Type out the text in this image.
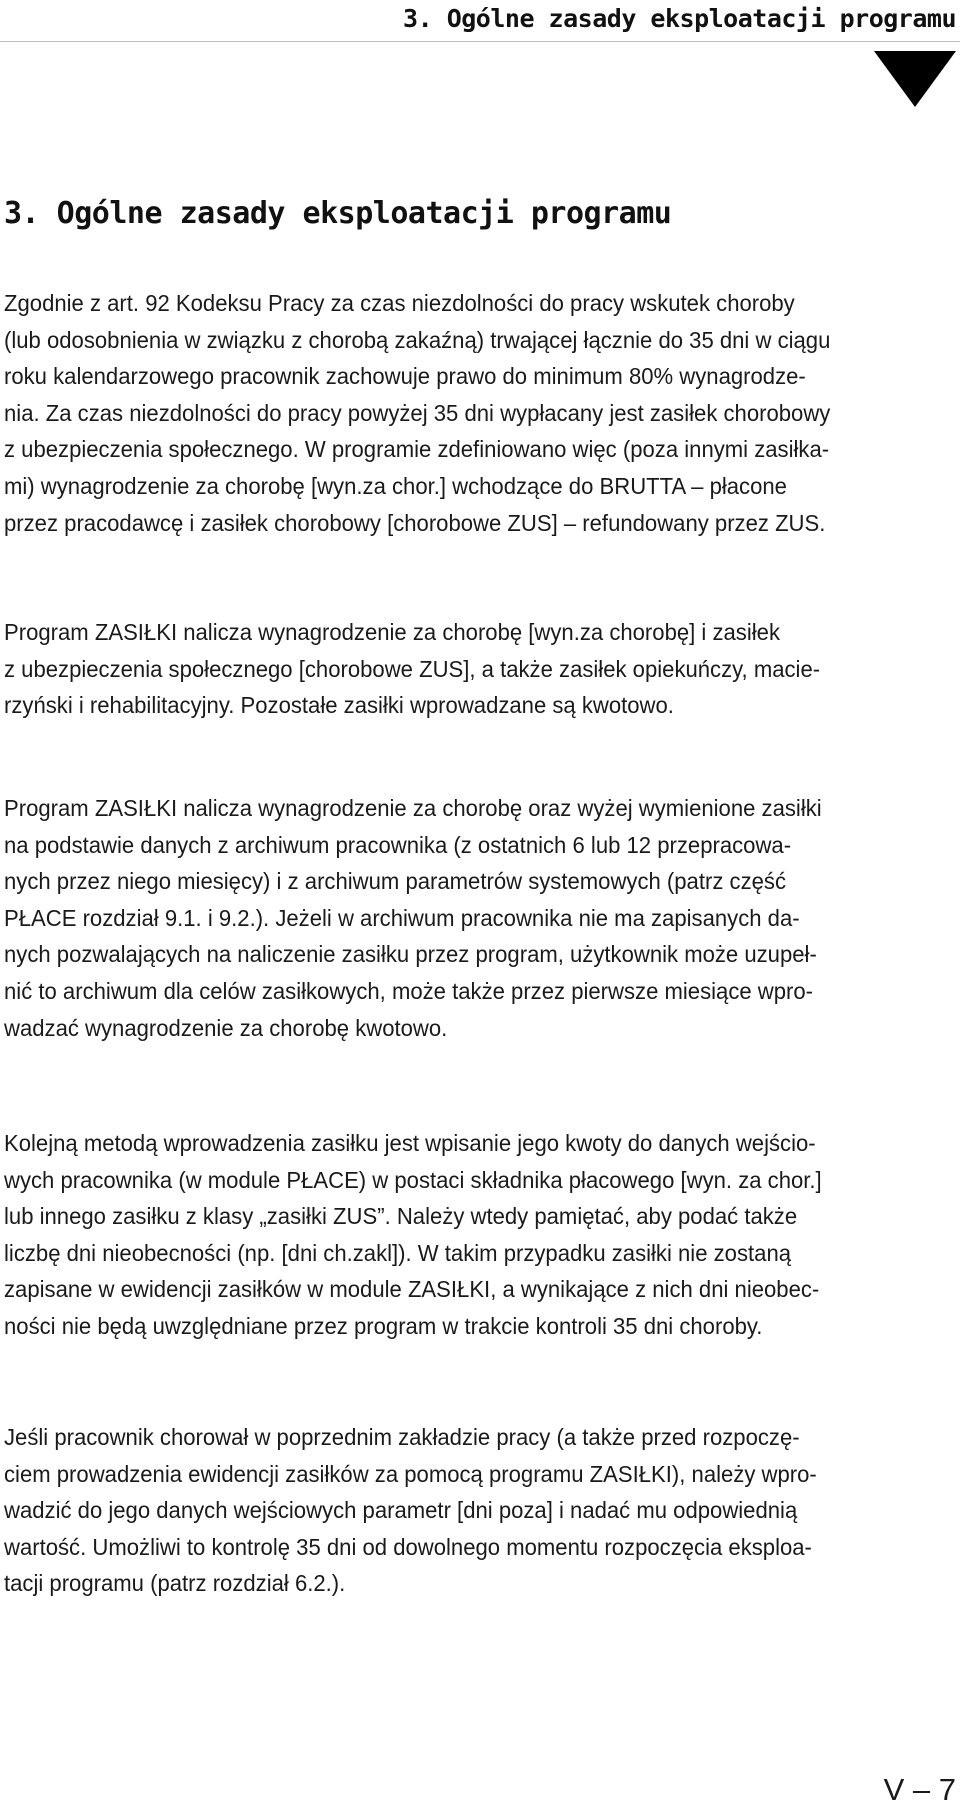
3. Ogólne zasady eksploatacji programu
3. Ogólne zasady eksploatacji programu

Zgodnie z art. 92 Kodeksu Pracy za czas niezdolności do pracy wskutek choroby
(lub odosobnienia w związku z chorobą zakaźną) trwającej łącznie do 35 dni w ciągu
roku kalendarzowego pracownik zachowuje prawo do minimum 80% wynagrodze-
nia. Za czas niezdolności do pracy powyżej 35 dni wypłacany jest zasiłek chorobowy
z ubezpieczenia społecznego. W programie zdefiniowano więc (poza innymi zasiłka-
mi) wynagrodzenie za chorobę [wyn.za chor.] wchodzące do BRUTTA – płacone
przez pracodawcę i zasiłek chorobowy [chorobowe ZUS] – refundowany przez ZUS.

Program ZASIŁKI nalicza wynagrodzenie za chorobę [wyn.za chorobę] i zasiłek
z ubezpieczenia społecznego [chorobowe ZUS], a także zasiłek opiekuńczy, macie-
rzyński i rehabilitacyjny. Pozostałe zasiłki wprowadzane są kwotowo.

Program ZASIŁKI nalicza wynagrodzenie za chorobę oraz wyżej wymienione zasiłki
na podstawie danych z archiwum pracownika (z ostatnich 6 lub 12 przepracowa-
nych przez niego miesięcy) i z archiwum parametrów systemowych (patrz część
PŁACE rozdział 9.1. i 9.2.). Jeżeli w archiwum pracownika nie ma zapisanych da-
nych pozwalających na naliczenie zasiłku przez program, użytkownik może uzupeł-
nić to archiwum dla celów zasiłkowych, może także przez pierwsze miesiące wpro-
wadzać wynagrodzenie za chorobę kwotowo.

Kolejną metodą wprowadzenia zasiłku jest wpisanie jego kwoty do danych wejścio-
wych pracownika (w module PŁACE) w postaci składnika płacowego [wyn. za chor.]
lub innego zasiłku z klasy „zasiłki ZUS”. Należy wtedy pamiętać, aby podać także
liczbę dni nieobecności (np. [dni ch.zakl]). W takim przypadku zasiłki nie zostaną
zapisane w ewidencji zasiłków w module ZASIŁKI, a wynikające z nich dni nieobec-
ności nie będą uwzględniane przez program w trakcie kontroli 35 dni choroby.

Jeśli pracownik chorował w poprzednim zakładzie pracy (a także przed rozpoczę-
ciem prowadzenia ewidencji zasiłków za pomocą programu ZASIŁKI), należy wpro-
wadzić do jego danych wejściowych parametr [dni poza] i nadać mu odpowiednią
wartość. Umożliwi to kontrolę 35 dni od dowolnego momentu rozpoczęcia eksploa-
tacji programu (patrz rozdział 6.2.).

V – 7
